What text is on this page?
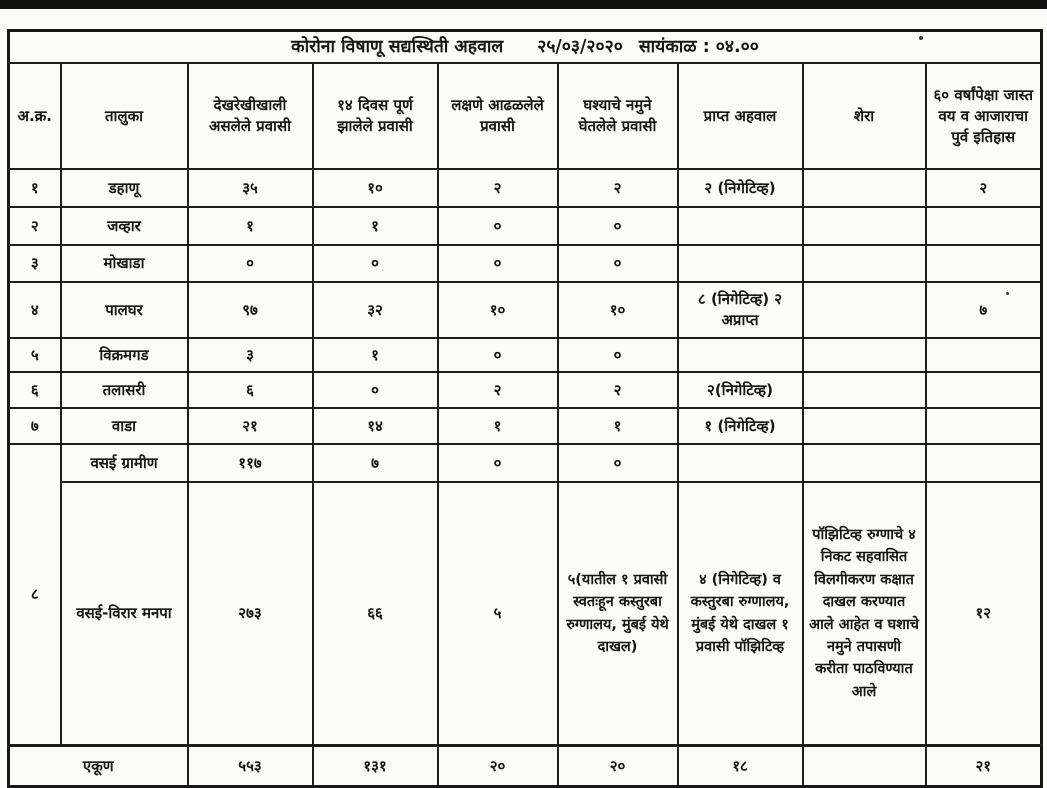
कोरोना विषाणू सद्यस्थिती अहवाल २५/०३/२०२० सायंकाळ : ०४.००								
अ.क्र.	तालुका	देखरेखीखाली असलेले प्रवासी	१४ दिवस पूर्ण झालेले प्रवासी	लक्षणे आढळलेले प्रवासी	घश्याचे नमुने घेतलेले प्रवासी	प्राप्त अहवाल	शेरा	६० वर्षांपेक्षा जास्त वय व आजाराचा पुर्व इतिहास
१	डहाणू	३५	१०	२	२	२ (निगेटिव्ह)		२
२	जव्हार	१	१	०	०			
३	मोखाडा	०	०	०	०			
४	पालघर	९७	३२	१०	१०	८ (निगेटिव्ह) २ अप्राप्त		७
५	विक्रमगड	३	१	०	०			
६	तलासरी	६	०	२	२	२(निगेटिव्ह)		
७	वाडा	२१	१४	१	१	१ (निगेटिव्ह)		
८	वसई ग्रामीण	११७	७	०	०			
	वसई-विरार मनपा	२७३	६६	५	५(यातील १ प्रवासी स्वतःहून कस्तुरबा रुग्णालय, मुंबई येथे दाखल)	४ (निगेटिव्ह) व कस्तुरबा रुग्णालय, मुंबई येथे दाखल १ प्रवासी पॉझिटिव्ह	पॉझिटिव्ह रुग्णाचे ४ निकट सहवासित विलगीकरण कक्षात दाखल करण्यात आले आहेत व घशाचे नमुने तपासणी करीता पाठविण्यात आले	१२
एकूण		५५३	१३१	२०	२०	१८		२१
